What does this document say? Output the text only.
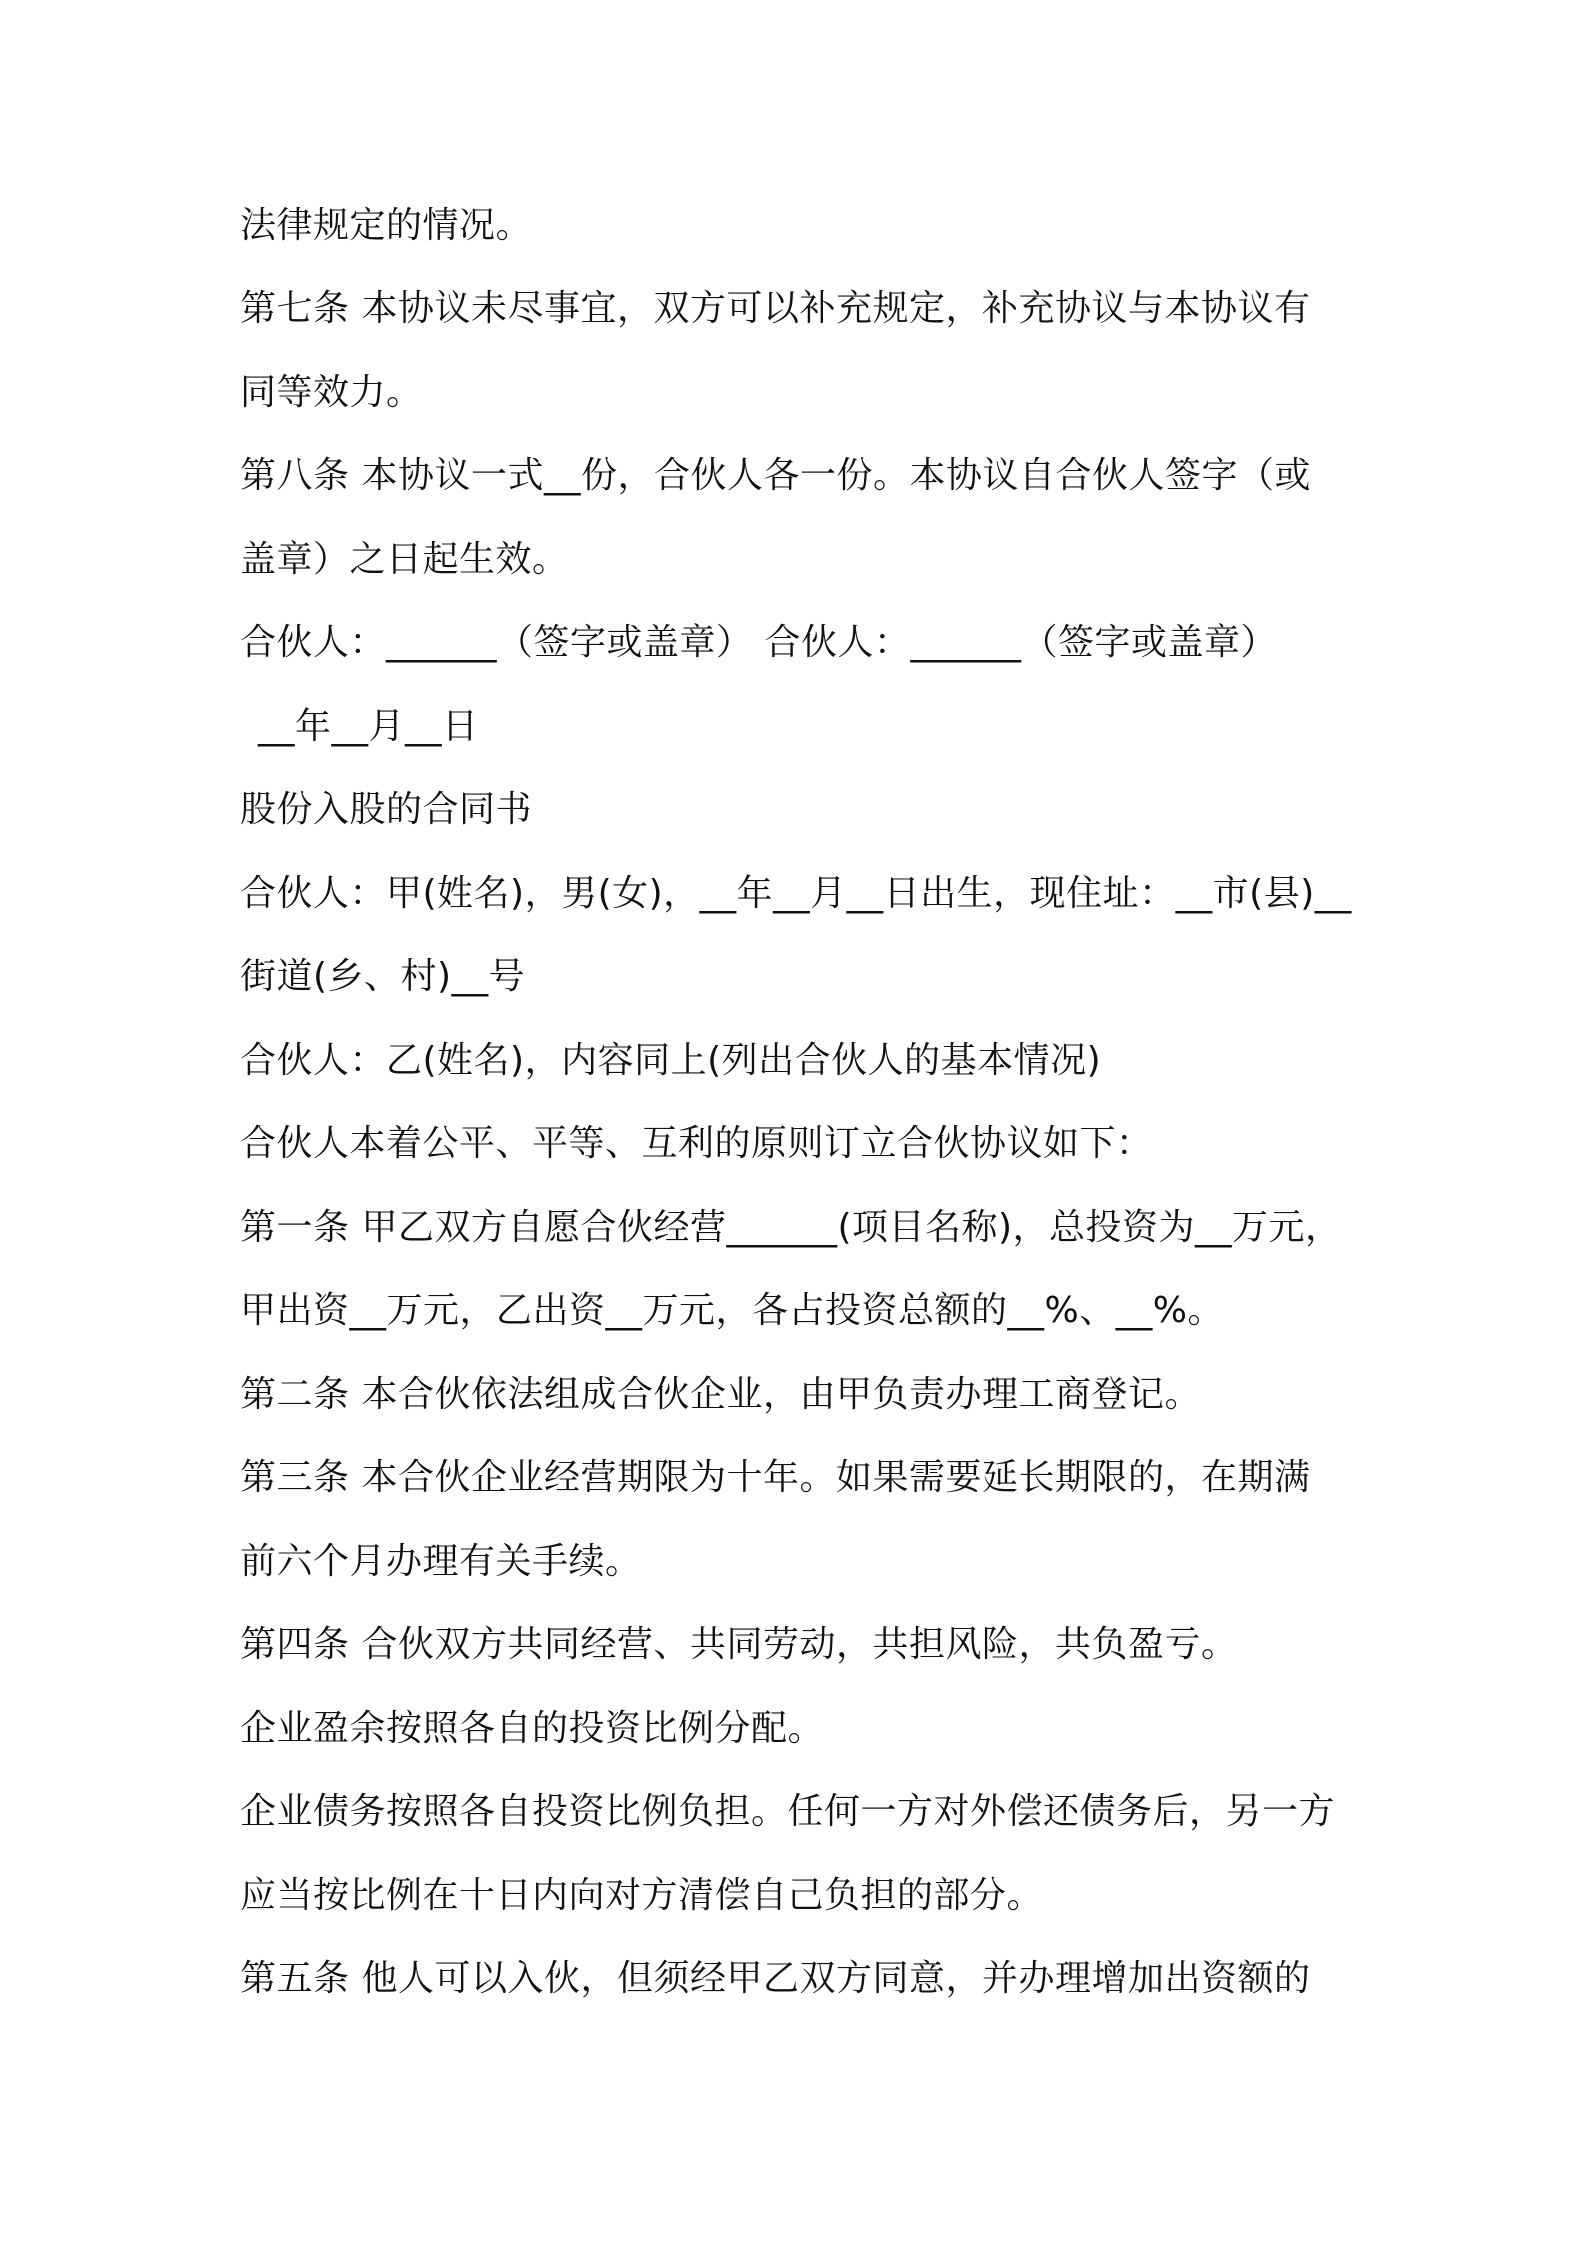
法律规定的情况。
第七条 本协议未尽事宜，双方可以补充规定，补充协议与本协议有
同等效力。
第八条 本协议一式__份，合伙人各一份。本协议自合伙人签字（或
盖章）之日起生效。
合伙人：______（签字或盖章） 合伙人：______（签字或盖章）
__年__月__日
股份入股的合同书
合伙人：甲(姓名)，男(女)，__年__月__日出生，现住址：__市(县)__
街道(乡、村)__号
合伙人：乙(姓名)，内容同上(列出合伙人的基本情况)
合伙人本着公平、平等、互利的原则订立合伙协议如下：
第一条 甲乙双方自愿合伙经营______(项目名称)，总投资为__万元，
甲出资__万元，乙出资__万元，各占投资总额的__%、__%。
第二条 本合伙依法组成合伙企业，由甲负责办理工商登记。
第三条 本合伙企业经营期限为十年。如果需要延长期限的，在期满
前六个月办理有关手续。
第四条 合伙双方共同经营、共同劳动，共担风险，共负盈亏。
企业盈余按照各自的投资比例分配。
企业债务按照各自投资比例负担。任何一方对外偿还债务后，另一方
应当按比例在十日内向对方清偿自己负担的部分。
第五条 他人可以入伙，但须经甲乙双方同意，并办理增加出资额的
